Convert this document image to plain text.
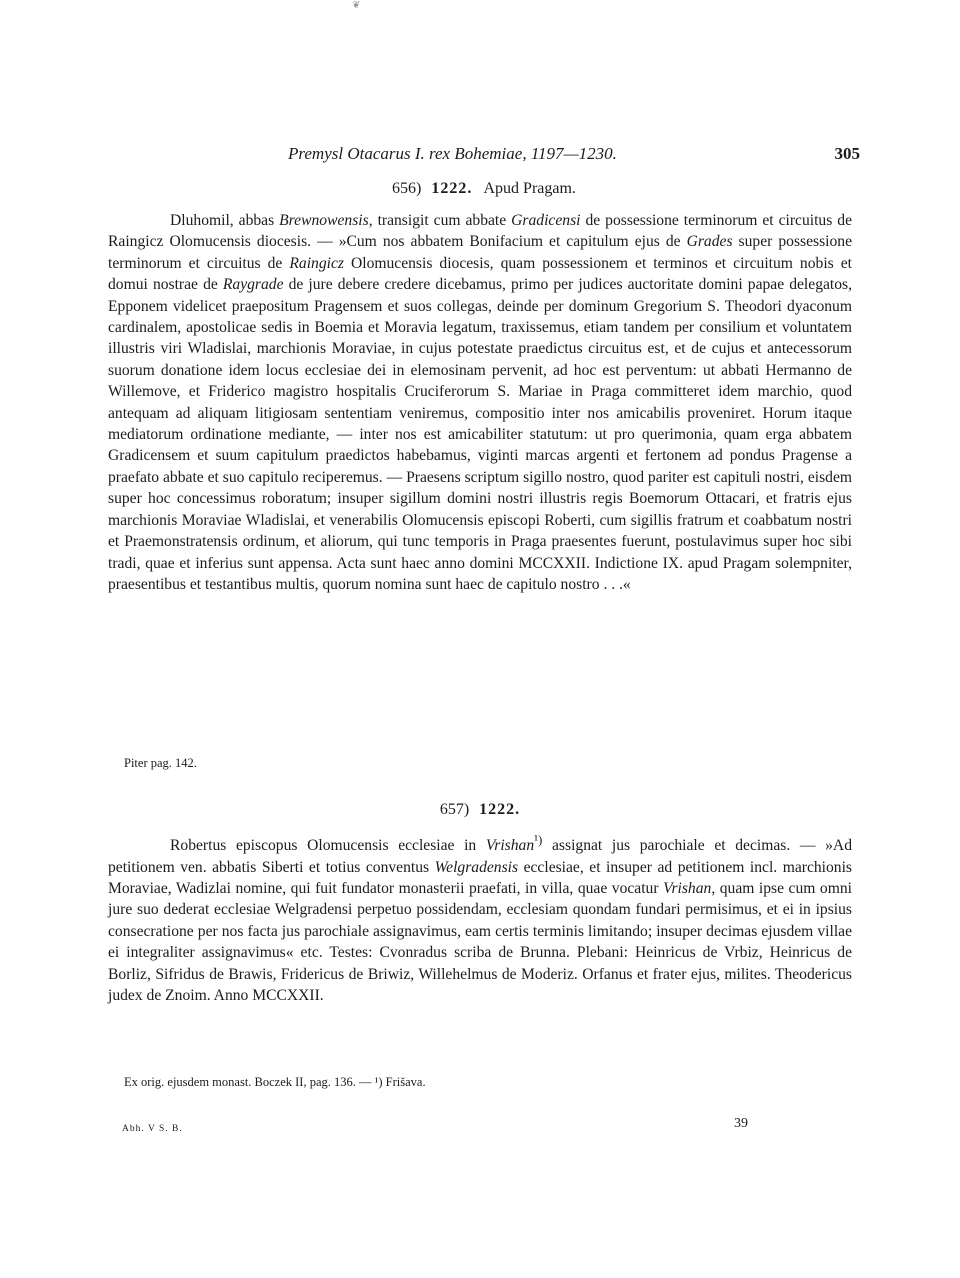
❦
Premysl Otacarus I. rex Bohemiae, 1197—1230.	305
656) 1222. Apud Pragam.

Dluhomil, abbas Brewnowensis, transigit cum abbate Gradicensi de possessione terminorum et circuitus de Raingicz Olomucensis diocesis. — »Cum nos abbatem Bonifacium et capitulum ejus de Grades super possessione terminorum et circuitus de Raingicz Olomucensis diocesis, quam possessionem et terminos et circuitum nobis et domui nostrae de Raygrade de jure debere credere dicebamus, primo per judices auctoritate domini papae delegatos, Epponem videlicet praepositum Pragensem et suos collegas, deinde per dominum Gregorium S. Theodori dyaconum cardinalem, apostolicae sedis in Boemia et Moravia legatum, traxissemus, etiam tandem per consilium et voluntatem illustris viri Wladislai, marchionis Moraviae, in cujus potestate praedictus circuitus est, et de cujus et antecessorum suorum donatione idem locus ecclesiae dei in elemosinam pervenit, ad hoc est perventum: ut abbati Hermanno de Willemove, et Friderico magistro hospitalis Cruciferorum S. Mariae in Praga committeret idem marchio, quod antequam ad aliquam litigiosam sententiam veniremus, compositio inter nos amicabilis proveniret. Horum itaque mediatorum ordinatione mediante, — inter nos est amicabiliter statutum: ut pro querimonia, quam erga abbatem Gradicensem et suum capitulum praedictos habebamus, viginti marcas argenti et fertonem ad pondus Pragense a praefato abbate et suo capitulo reciperemus. — Praesens scriptum sigillo nostro, quod pariter est capituli nostri, eisdem super hoc concessimus roboratum; insuper sigillum domini nostri illustris regis Boemorum Ottacari, et fratris ejus marchionis Moraviae Wladislai, et venerabilis Olomucensis episcopi Roberti, cum sigillis fratrum et coabbatum nostri et Praemonstratensis ordinum, et aliorum, qui tunc temporis in Praga praesentes fuerunt, postulavimus super hoc sibi tradi, quae et inferius sunt appensa. Acta sunt haec anno domini MCCXXII. Indictione IX. apud Pragam solempniter, praesentibus et testantibus multis, quorum nomina sunt haec de capitulo nostro . . .«

Piter pag. 142.
657) 1222.

Robertus episcopus Olomucensis ecclesiae in Vrishan$^{^1)}$ assignat jus parochiale et decimas. — »Ad petitionem ven. abbatis Siberti et totius conventus Welgradensis ecclesiae, et insuper ad petitionem incl. marchionis Moraviae, Wadizlai nomine, qui fuit fundator monasterii praefati, in villa, quae vocatur Vrishan, quam ipse cum omni jure suo dederat ecclesiae Welgradensi perpetuo possidendam, ecclesiam quondam fundari permisimus, et ei in ipsius consecratione per nos facta jus parochiale assignavimus, eam certis terminis limitando; insuper decimas ejusdem villae ei integraliter assignavimus« etc. Testes: Cvonradus scriba de Brunna. Plebani: Heinricus de Vrbiz, Heinricus de Borliz, Sifridus de Brawis, Fridericus de Briwiz, Willehelmus de Moderiz. Orfanus et frater ejus, milites. Theodericus judex de Znoim. Anno MCCXXII.

Ex orig. ejusdem monast. Boczek II, pag. 136. — ¹) Frišava.
Abh. V S. B.	39
